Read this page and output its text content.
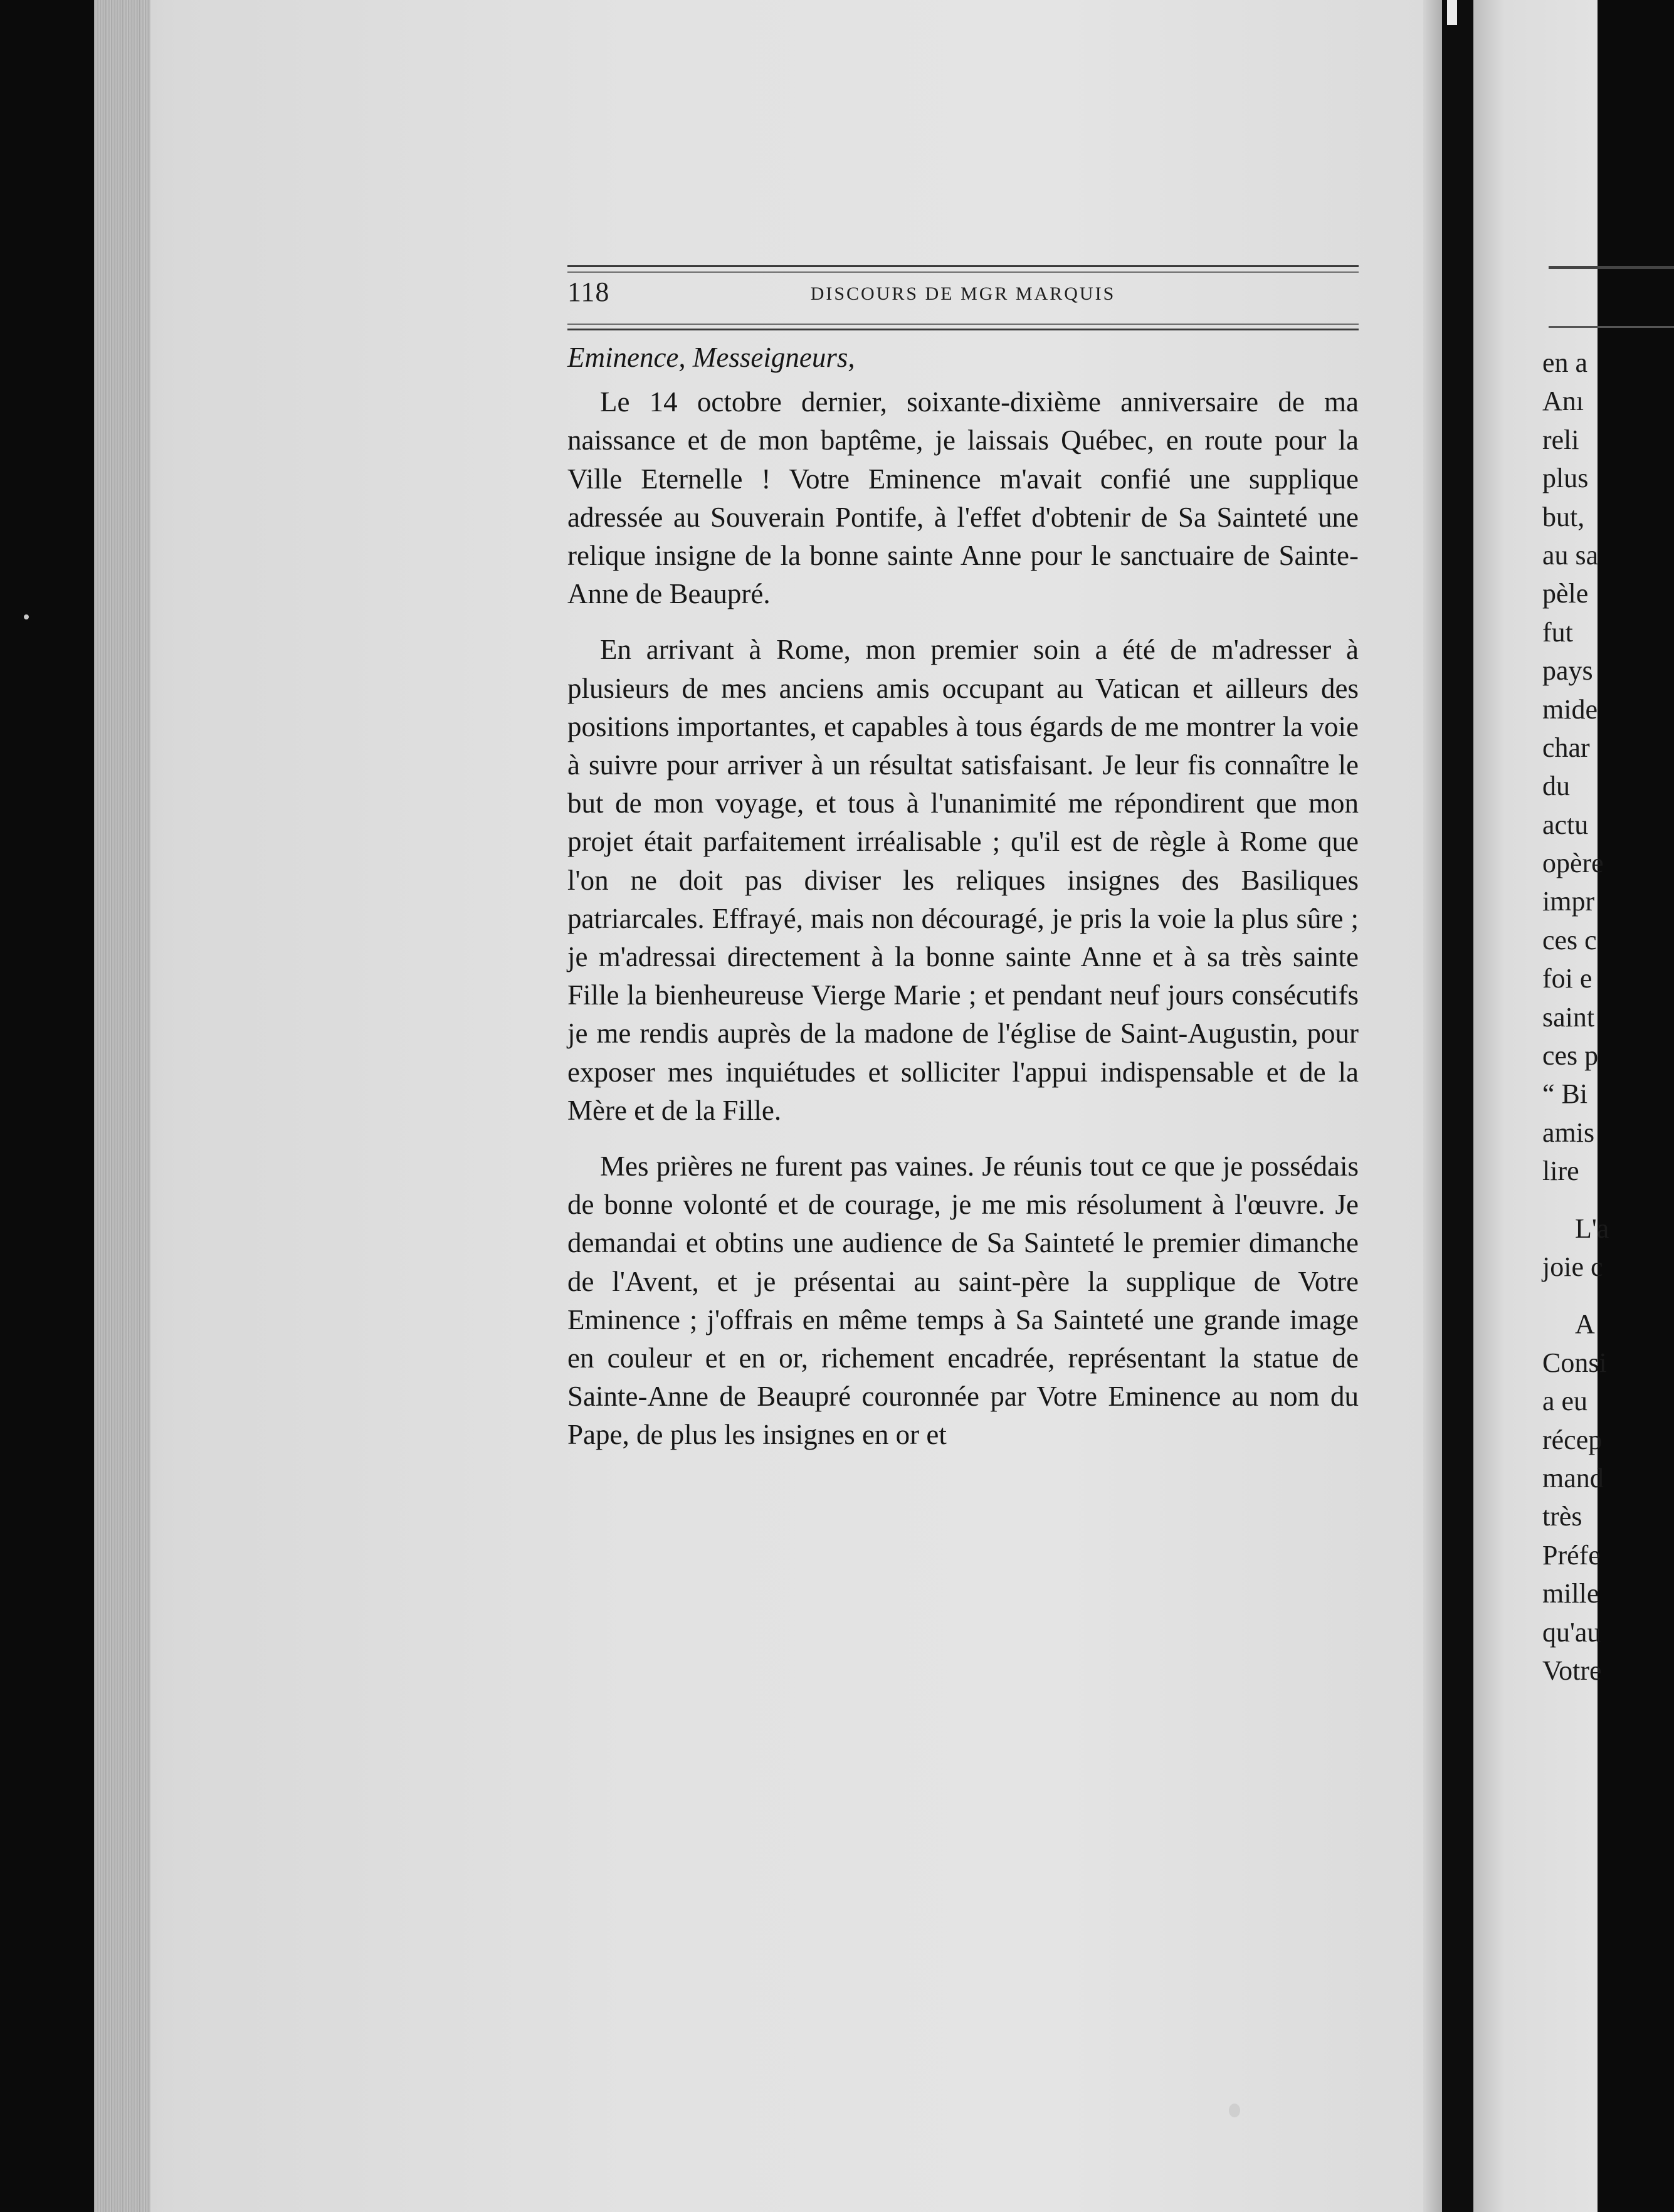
en a
Anı
reli
plus
but,
au sa
pèle
fut
pays
mide
char
du
actu
opère
impr
ces c
foi e
saint
ces p
“ Bi
amis
lire
L'a
joie c
A
Consi
a eu
récep
mand
très
Préfe
mille
qu'au
Votre
118	DISCOURS DE MGR MARQUIS

Eminence, Messeigneurs,

Le 14 octobre dernier, soixante-dixième anniversaire de ma naissance et de mon baptême, je laissais Québec, en route pour la Ville Eternelle ! Votre Eminence m'avait confié une supplique adressée au Souverain Pontife, à l'effet d'obtenir de Sa Sainteté une relique insigne de la bonne sainte Anne pour le sanctuaire de Sainte-Anne de Beaupré.

En arrivant à Rome, mon premier soin a été de m'adresser à plusieurs de mes anciens amis occupant au Vatican et ailleurs des positions importantes, et capables à tous égards de me montrer la voie à suivre pour arriver à un résultat satisfaisant. Je leur fis connaître le but de mon voyage, et tous à l'unanimité me répondirent que mon projet était parfaitement irréalisable ; qu'il est de règle à Rome que l'on ne doit pas diviser les reliques insignes des Basiliques patriarcales. Effrayé, mais non découragé, je pris la voie la plus sûre ; je m'adressai directement à la bonne sainte Anne et à sa très sainte Fille la bienheureuse Vierge Marie ; et pendant neuf jours consécutifs je me rendis auprès de la madone de l'église de Saint-Augustin, pour exposer mes inquiétudes et solliciter l'appui indispensable et de la Mère et de la Fille.

Mes prières ne furent pas vaines. Je réunis tout ce que je possédais de bonne volonté et de courage, je me mis résolument à l'œuvre. Je demandai et obtins une audience de Sa Sainteté le premier dimanche de l'Avent, et je présentai au saint-père la supplique de Votre Eminence ; j'offrais en même temps à Sa Sainteté une grande image en couleur et en or, richement encadrée, représentant la statue de Sainte-Anne de Beaupré couronnée par Votre Eminence au nom du Pape, de plus les insignes en or et
